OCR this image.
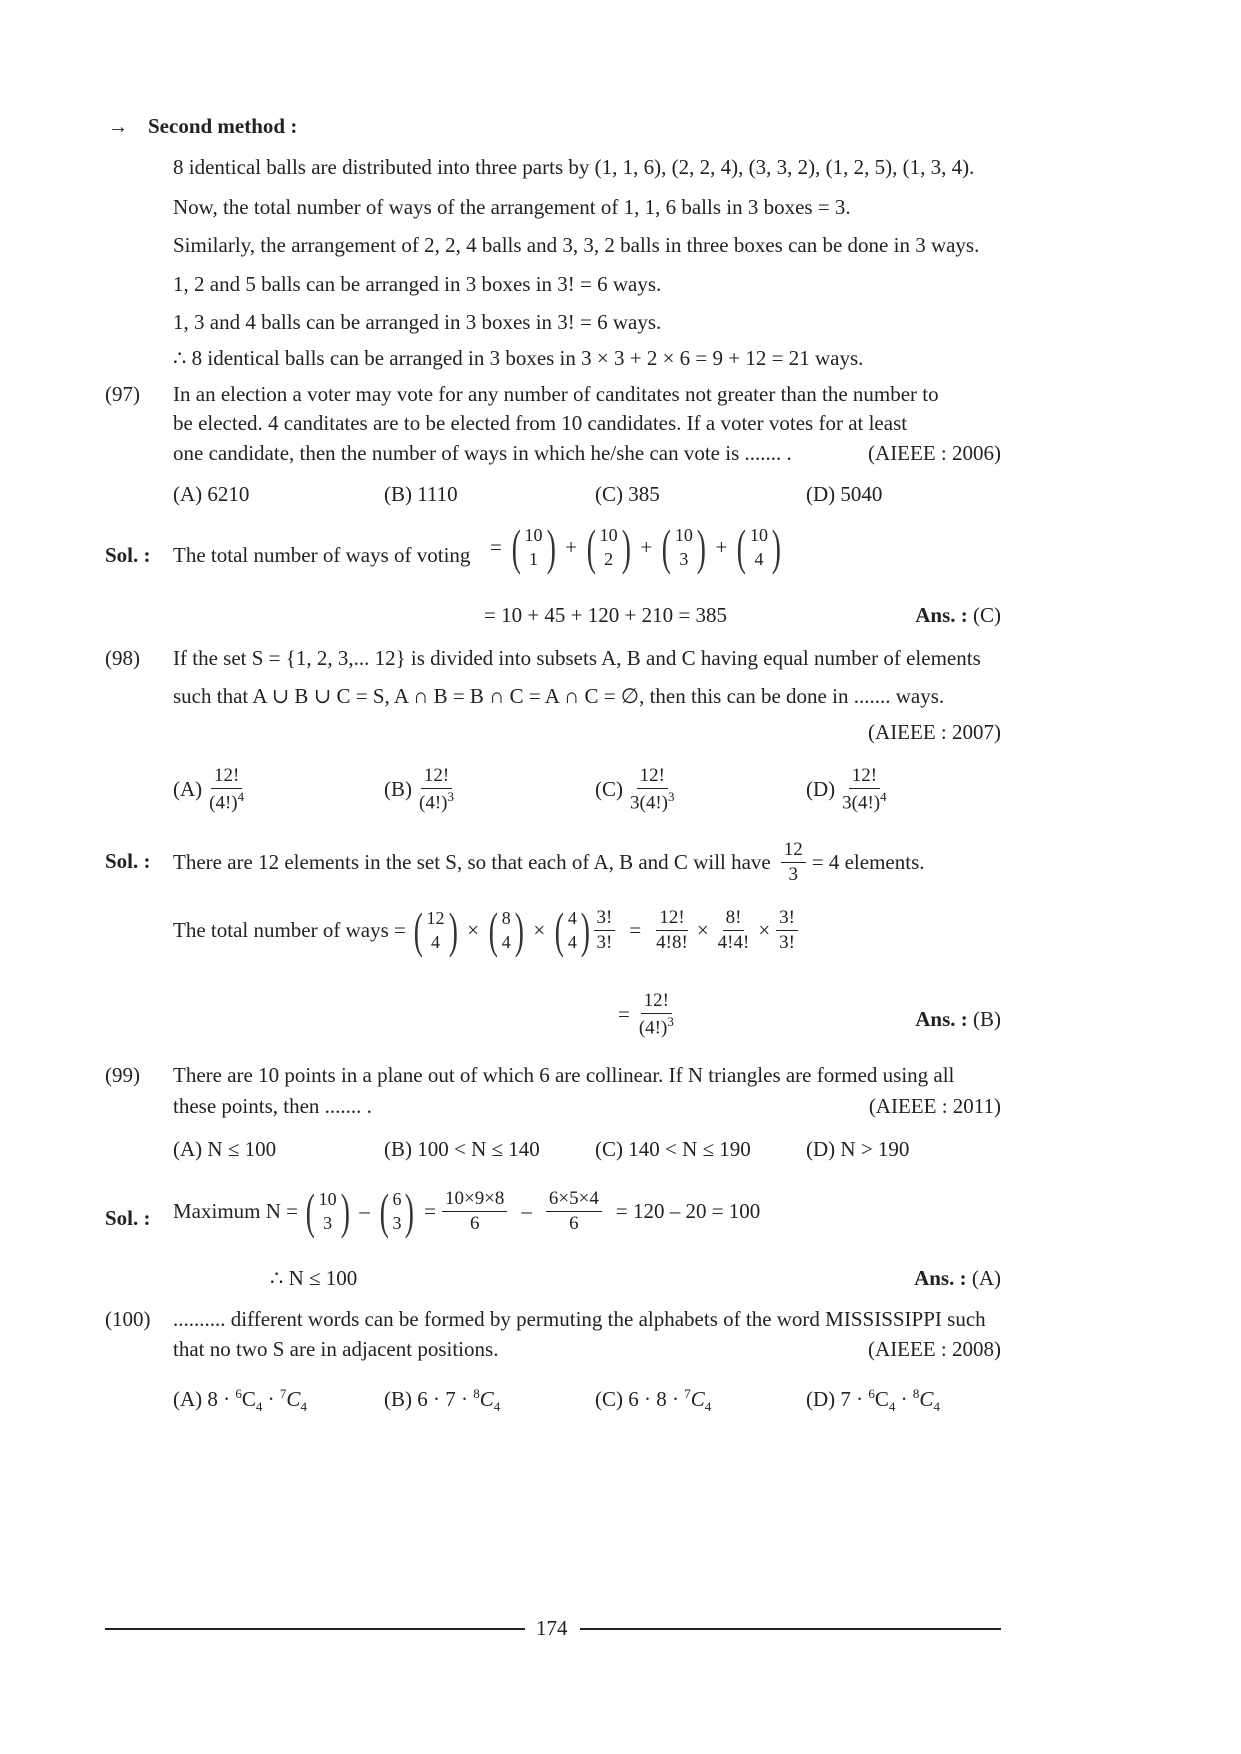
→ Second method :
8 identical balls are distributed into three parts by (1, 1, 6), (2, 2, 4), (3, 3, 2), (1, 2, 5), (1, 3, 4).
Now, the total number of ways of the arrangement of 1, 1, 6 balls in 3 boxes = 3.
Similarly, the arrangement of 2, 2, 4 balls and 3, 3, 2 balls in three boxes can be done in 3 ways.
1, 2 and 5 balls can be arranged in 3 boxes in 3! = 6 ways.
1, 3 and 4 balls can be arranged in 3 boxes in 3! = 6 ways.
∴ 8 identical balls can be arranged in 3 boxes in 3 × 3 + 2 × 6 = 9 + 12 = 21 ways.
(97) In an election a voter may vote for any number of canditates not greater than the number to
be elected. 4 canditates are to be elected from 10 candidates. If a voter votes for at least
one candidate, then the number of ways in which he/she can vote is ....... .	(AIEEE : 2006)
(A) 6210	(B) 1110	(C) 385	(D) 5040
Sol. : The total number of ways of voting = ( 10
1 ) + ( 10
2 ) + ( 10
3 ) + ( 10
4 )
= 10 + 45 + 120 + 210 = 385	Ans. : (C)
(98) If the set S = {1, 2, 3,... 12} is divided into subsets A, B and C having equal number of elements
such that A ∪ B ∪ C = S, A ∩ B = B ∩ C = A ∩ C = ∅, then this can be done in ....... ways.
(AIEEE : 2007)
$(A) \frac{12!}{(4!)^4}$	$(B) \frac{12!}{(4!)^3}$	$(C) \frac{12!}{3(4!)^3}$	$(D) \frac{12!}{3(4!)^4}$
Sol. : There are 12 elements in the set S, so that each of A, B and C will have $\frac{12}{3} = 4$ elements.
The total number of ways = ( 12
4 ) × ( 8
4 ) × ( 4
4 ) $\frac{3!}{3!} = \frac{12!}{4!8!} \times \frac{8!}{4!4!} \times \frac{3!}{3!}$
= $\frac{12!}{(4!)^3}$	Ans. : (B)
(99) There are 10 points in a plane out of which 6 are collinear. If N triangles are formed using all
these points, then ....... .	(AIEEE : 2011)
(A) N ≤ 100	(B) 100 < N ≤ 140	(C) 140 < N ≤ 190	(D) N > 190
Sol. : Maximum N = ( 10
3 ) – ( 6
3 ) = $\frac{10\times 9\times 8}{6} - \frac{6\times 5\times 4}{6} = 120 - 20 = 100$
∴ N ≤ 100	Ans. : (A)
(100) .......... different words can be formed by permuting the alphabets of the word MISSISSIPPI such
that no two S are in adjacent positions.	(AIEEE : 2008)
(A) $8 \cdot ^6C_4 \cdot ^7C_4$	(B) $6 \cdot 7 \cdot ^8C_4$	(C) $6 \cdot 8 \cdot ^7C_4$	(D) $7 \cdot ^6C_4 \cdot ^8C_4$
174
